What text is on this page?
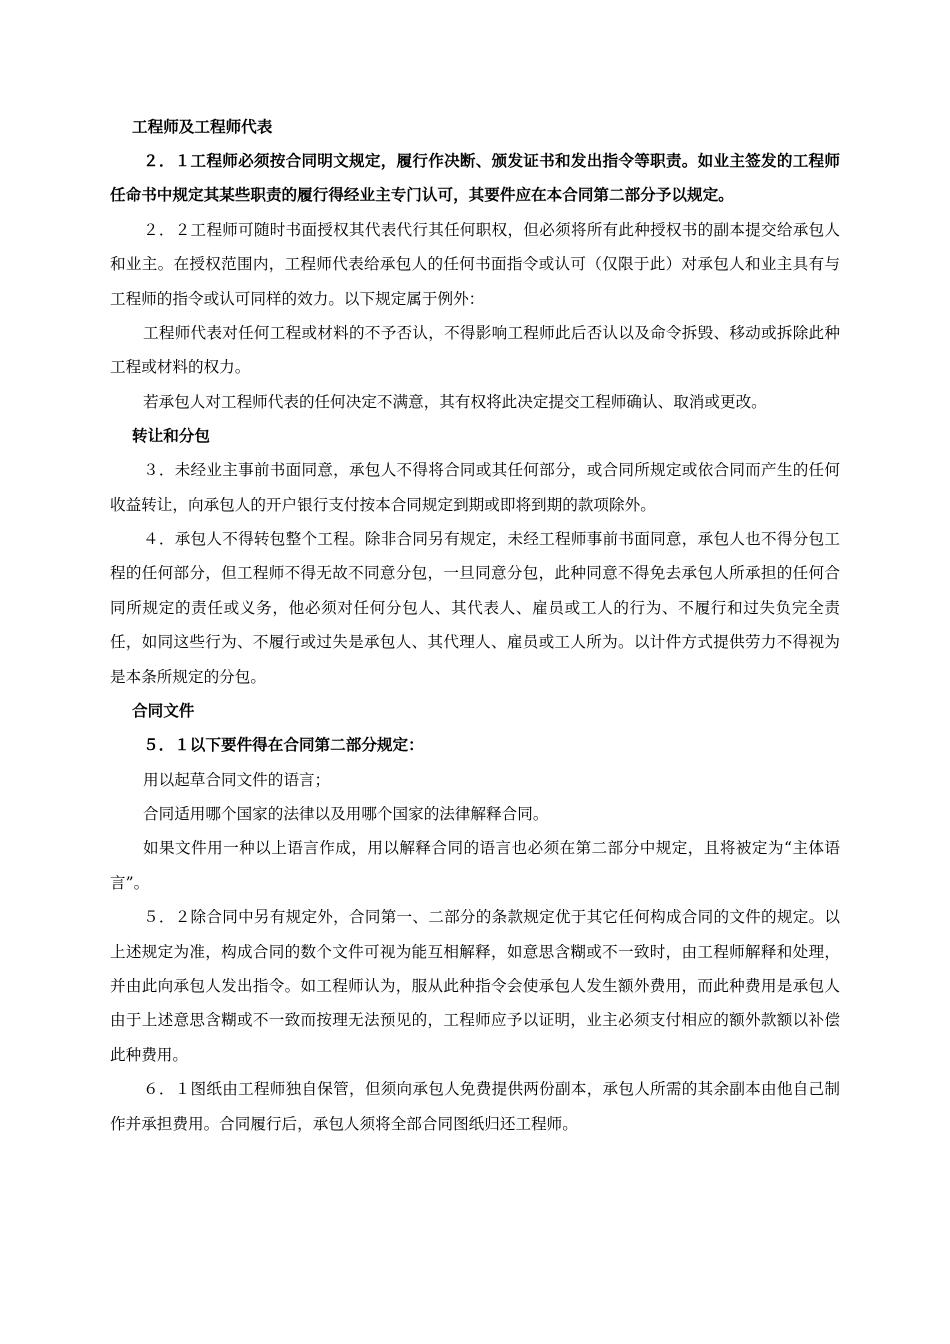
工程师及工程师代表

２．１工程师必须按合同明文规定，履行作决断、颁发证书和发出指令等职责。如业主签发的工程师任命书中规定其某些职责的履行得经业主专门认可，其要件应在本合同第二部分予以规定。

２．２工程师可随时书面授权其代表代行其任何职权，但必须将所有此种授权书的副本提交给承包人和业主。在授权范围内，工程师代表给承包人的任何书面指令或认可（仅限于此）对承包人和业主具有与工程师的指令或认可同样的效力。以下规定属于例外：

工程师代表对任何工程或材料的不予否认，不得影响工程师此后否认以及命令拆毁、移动或拆除此种工程或材料的权力。

若承包人对工程师代表的任何决定不满意，其有权将此决定提交工程师确认、取消或更改。

转让和分包

３．未经业主事前书面同意，承包人不得将合同或其任何部分，或合同所规定或依合同而产生的任何收益转让，向承包人的开户银行支付按本合同规定到期或即将到期的款项除外。

４．承包人不得转包整个工程。除非合同另有规定，未经工程师事前书面同意，承包人也不得分包工程的任何部分，但工程师不得无故不同意分包，一旦同意分包，此种同意不得免去承包人所承担的任何合同所规定的责任或义务，他必须对任何分包人、其代表人、雇员或工人的行为、不履行和过失负完全责任，如同这些行为、不履行或过失是承包人、其代理人、雇员或工人所为。以计件方式提供劳力不得视为是本条所规定的分包。

合同文件

５．１以下要件得在合同第二部分规定：

用以起草合同文件的语言；

合同适用哪个国家的法律以及用哪个国家的法律解释合同。

如果文件用一种以上语言作成，用以解释合同的语言也必须在第二部分中规定，且将被定为“主体语言”。

５．２除合同中另有规定外，合同第一、二部分的条款规定优于其它任何构成合同的文件的规定。以上述规定为准，构成合同的数个文件可视为能互相解释，如意思含糊或不一致时，由工程师解释和处理，并由此向承包人发出指令。如工程师认为，服从此种指令会使承包人发生额外费用，而此种费用是承包人由于上述意思含糊或不一致而按理无法预见的，工程师应予以证明，业主必须支付相应的额外款额以补偿此种费用。

６．１图纸由工程师独自保管，但须向承包人免费提供两份副本，承包人所需的其余副本由他自己制作并承担费用。合同履行后，承包人须将全部合同图纸归还工程师。
